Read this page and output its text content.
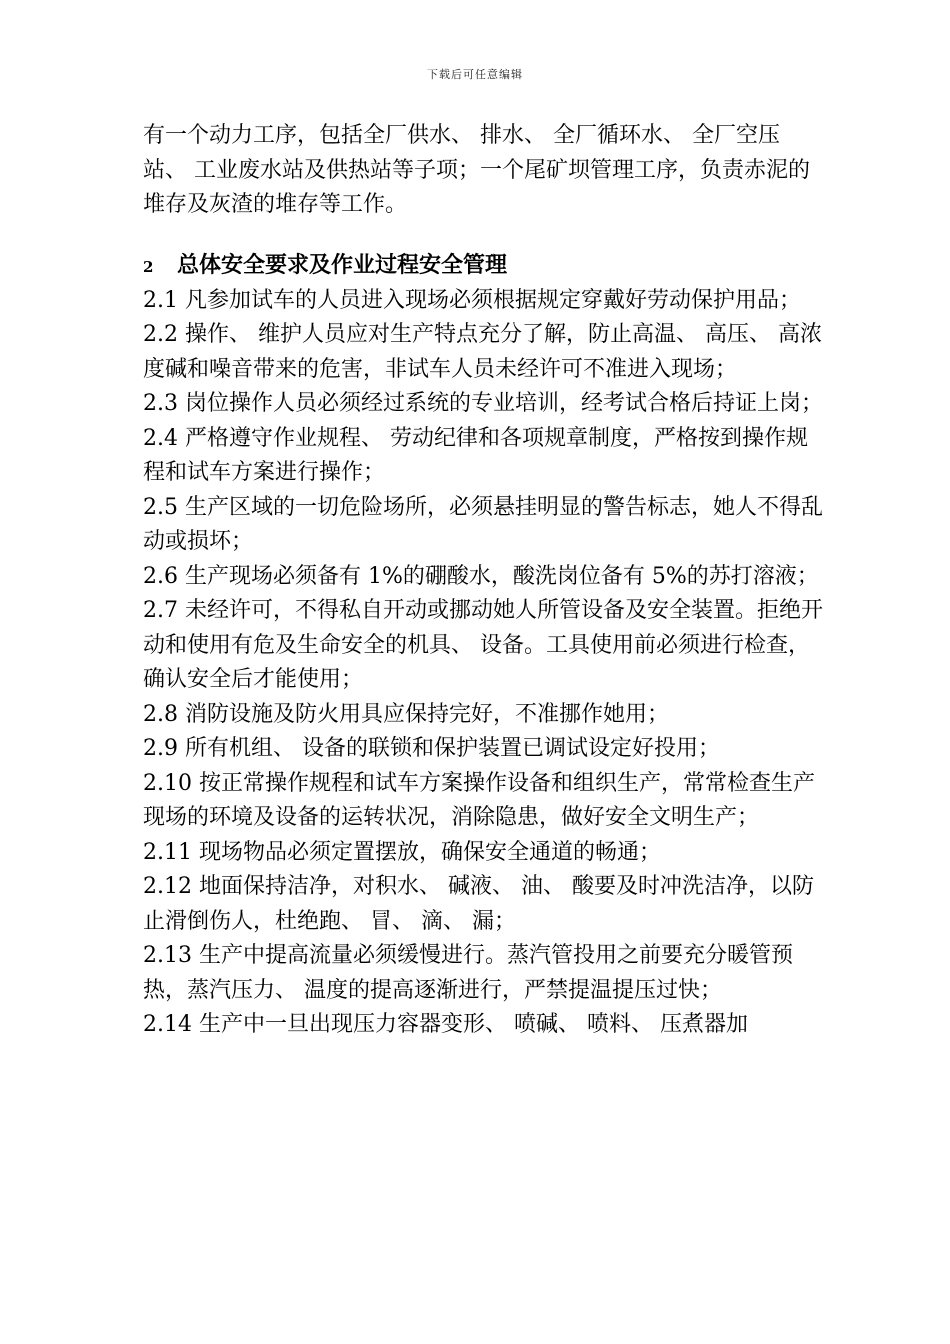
下载后可任意编辑

有一个动力工序，包括全厂供水、 排水、 全厂循环水、 全厂空压站、 工业废水站及供热站等子项；一个尾矿坝管理工序，负责赤泥的堆存及灰渣的堆存等工作。

2 总体安全要求及作业过程安全管理

2.1 凡参加试车的人员进入现场必须根据规定穿戴好劳动保护用品；

2.2 操作、 维护人员应对生产特点充分了解，防止高温、 高压、 高浓度碱和噪音带来的危害，非试车人员未经许可不准进入现场；

2.3 岗位操作人员必须经过系统的专业培训，经考试合格后持证上岗；

2.4 严格遵守作业规程、 劳动纪律和各项规章制度，严格按到操作规程和试车方案进行操作；

2.5 生产区域的一切危险场所，必须悬挂明显的警告标志，她人不得乱动或损坏；

2.6 生产现场必须备有 1%的硼酸水，酸洗岗位备有 5%的苏打溶液；

2.7 未经许可，不得私自开动或挪动她人所管设备及安全装置。拒绝开动和使用有危及生命安全的机具、 设备。工具使用前必须进行检查，确认安全后才能使用；

2.8 消防设施及防火用具应保持完好，不准挪作她用；

2.9 所有机组、 设备的联锁和保护装置已调试设定好投用；

2.10 按正常操作规程和试车方案操作设备和组织生产，常常检查生产现场的环境及设备的运转状况，消除隐患，做好安全文明生产；

2.11 现场物品必须定置摆放，确保安全通道的畅通；

2.12 地面保持洁净，对积水、 碱液、 油、 酸要及时冲洗洁净，以防止滑倒伤人，杜绝跑、 冒、 滴、 漏；

2.13 生产中提高流量必须缓慢进行。蒸汽管投用之前要充分暖管预热，蒸汽压力、 温度的提高逐渐进行，严禁提温提压过快；

2.14 生产中一旦出现压力容器变形、 喷碱、 喷料、 压煮器加
